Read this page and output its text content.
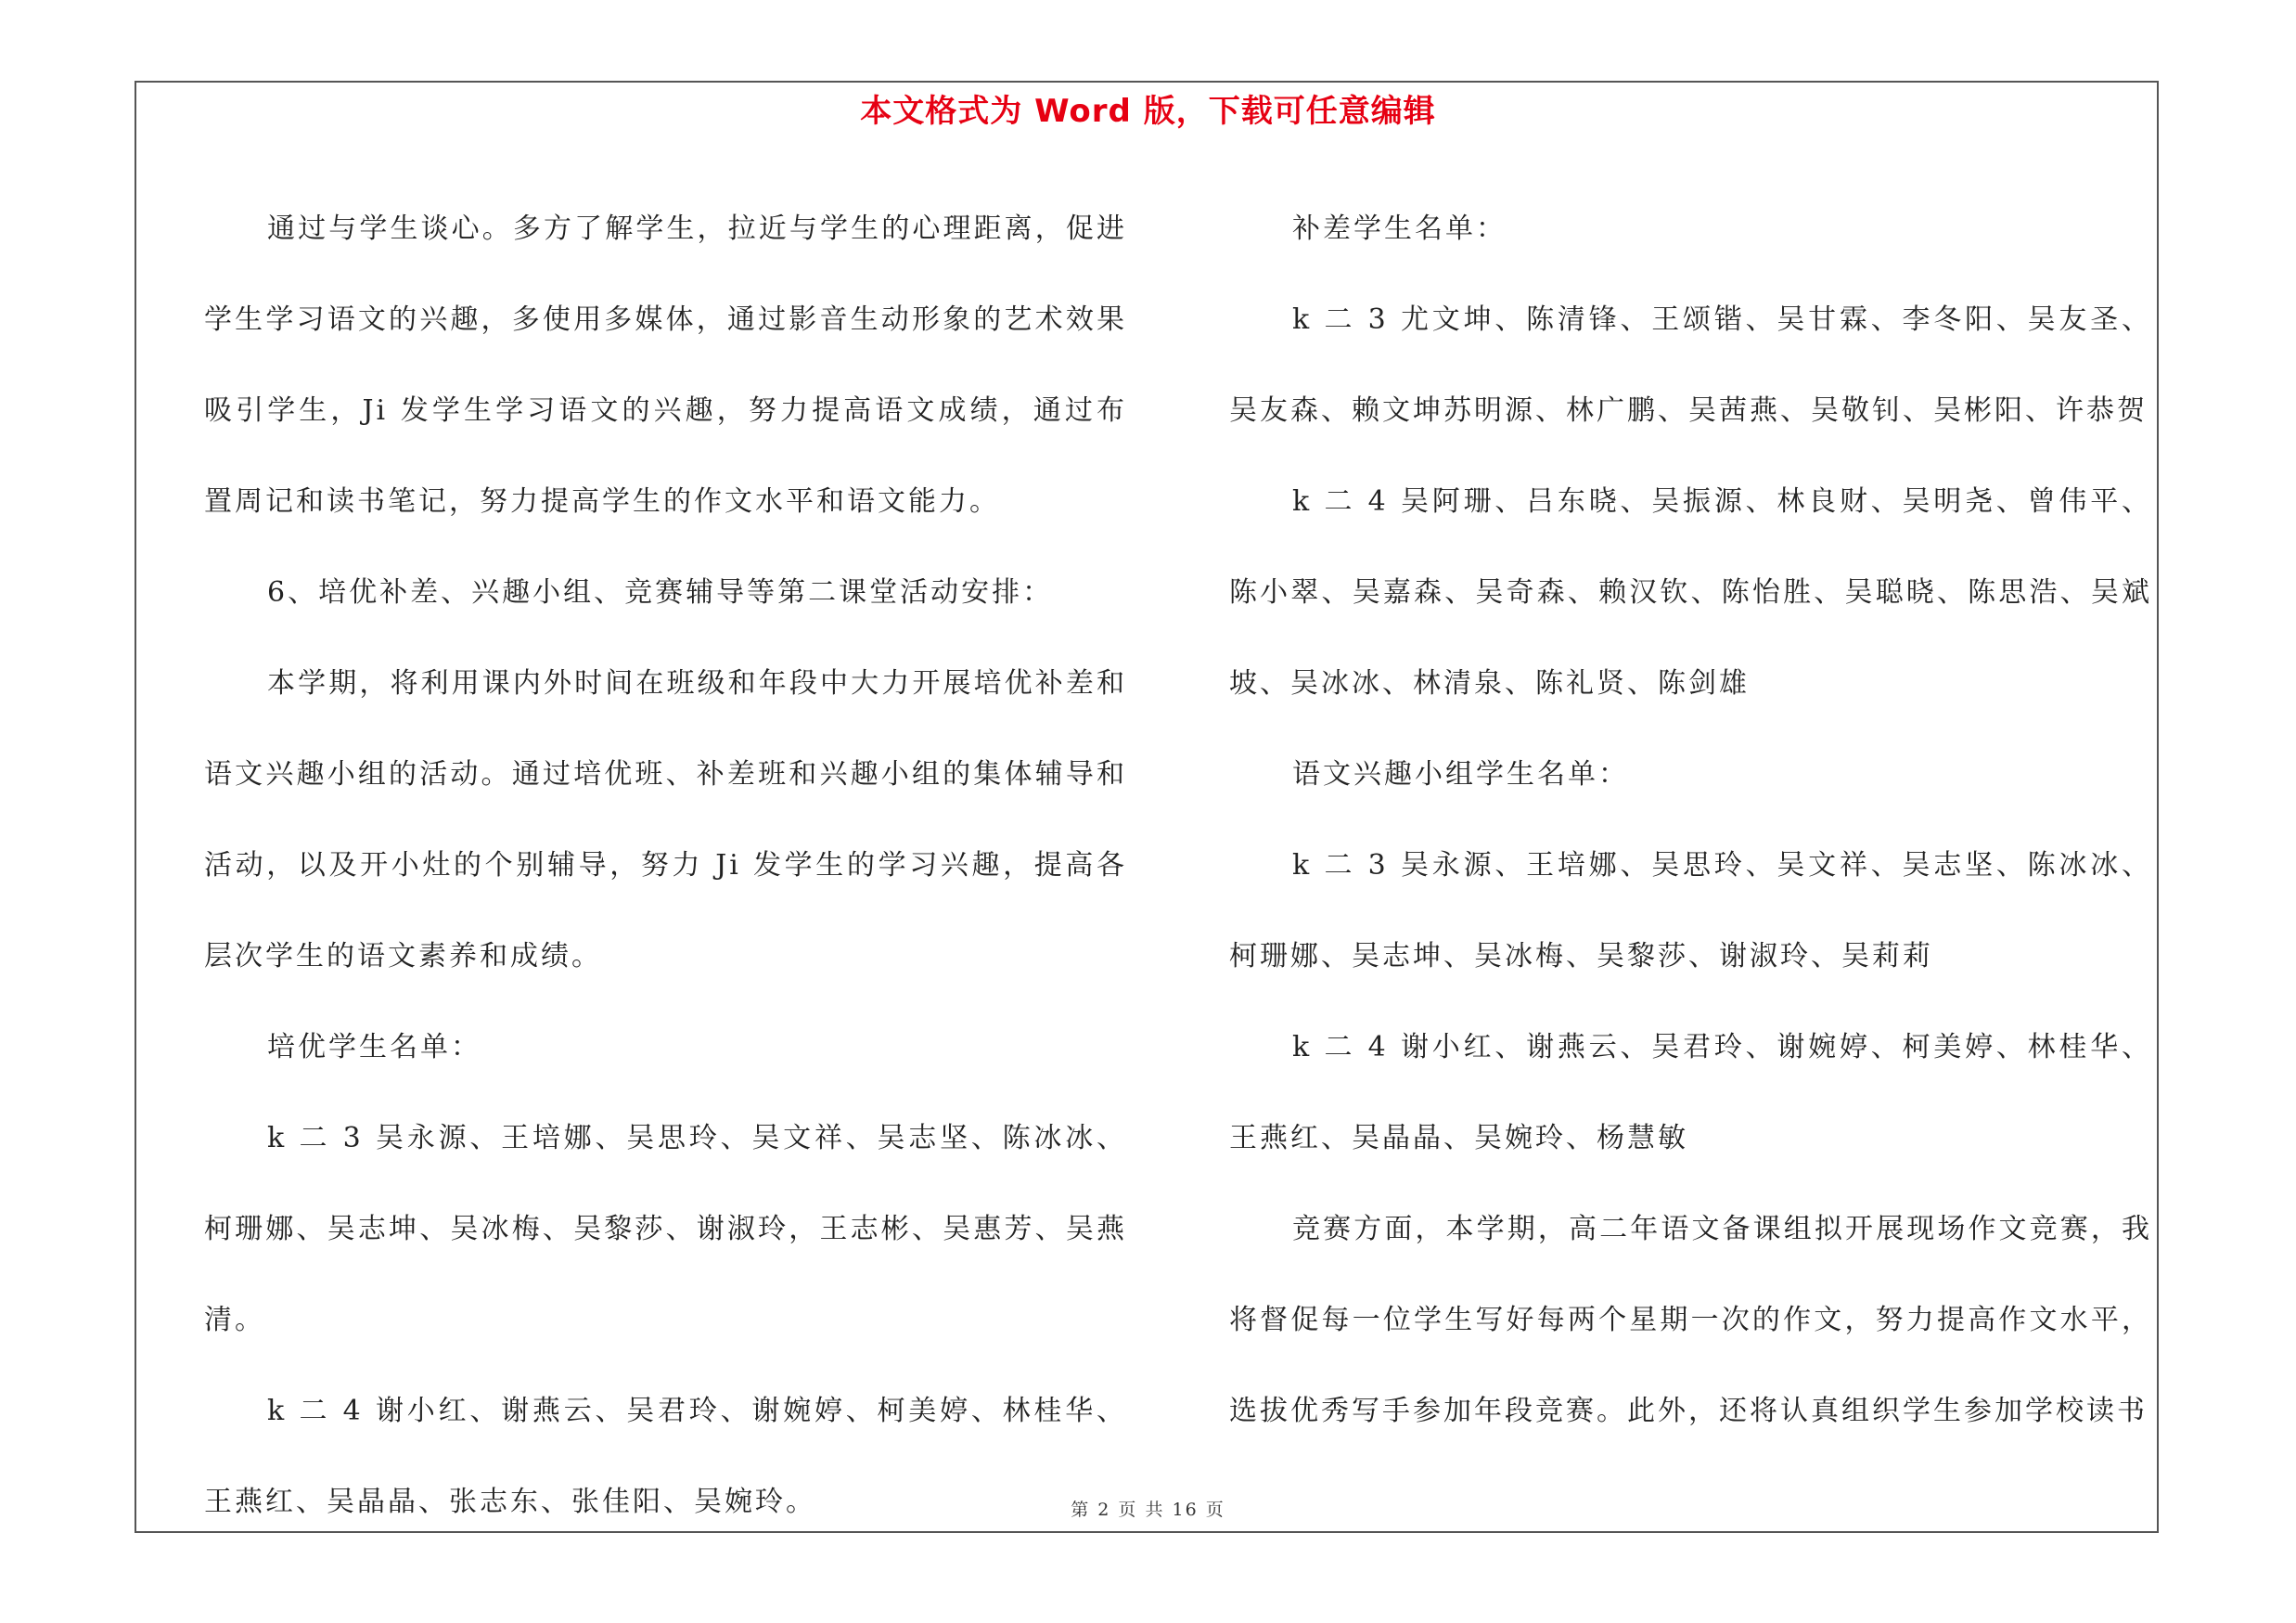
本文格式为 Word 版，下载可任意编辑

通过与学生谈心。多方了解学生，拉近与学生的心理距离，促进学生学习语文的兴趣，多使用多媒体，通过影音生动形象的艺术效果吸引学生，Ji 发学生学习语文的兴趣，努力提高语文成绩，通过布置周记和读书笔记，努力提高学生的作文水平和语文能力。

6、培优补差、兴趣小组、竞赛辅导等第二课堂活动安排：

本学期，将利用课内外时间在班级和年段中大力开展培优补差和语文兴趣小组的活动。通过培优班、补差班和兴趣小组的集体辅导和活动，以及开小灶的个别辅导，努力 Ji 发学生的学习兴趣，提高各层次学生的语文素养和成绩。

培优学生名单：

k 二 3 吴永源、王培娜、吴思玲、吴文祥、吴志坚、陈冰冰、柯珊娜、吴志坤、吴冰梅、吴黎莎、谢淑玲，王志彬、吴惠芳、吴燕清。

k 二 4 谢小红、谢燕云、吴君玲、谢婉婷、柯美婷、林桂华、王燕红、吴晶晶、张志东、张佳阳、吴婉玲。

补差学生名单：

k 二 3 尤文坤、陈清锋、王颂锴、吴甘霖、李冬阳、吴友圣、吴友森、赖文坤苏明源、林广鹏、吴茜燕、吴敬钊、吴彬阳、许恭贺

k 二 4 吴阿珊、吕东晓、吴振源、林良财、吴明尧、曾伟平、陈小翠、吴嘉森、吴奇森、赖汉钦、陈怡胜、吴聪晓、陈思浩、吴斌坡、吴冰冰、林清泉、陈礼贤、陈剑雄

语文兴趣小组学生名单：

k 二 3 吴永源、王培娜、吴思玲、吴文祥、吴志坚、陈冰冰、柯珊娜、吴志坤、吴冰梅、吴黎莎、谢淑玲、吴莉莉

k 二 4 谢小红、谢燕云、吴君玲、谢婉婷、柯美婷、林桂华、王燕红、吴晶晶、吴婉玲、杨慧敏

竞赛方面，本学期，高二年语文备课组拟开展现场作文竞赛，我将督促每一位学生写好每两个星期一次的作文，努力提高作文水平，选拔优秀写手参加年段竞赛。此外，还将认真组织学生参加学校读书

第 2 页 共 16 页
